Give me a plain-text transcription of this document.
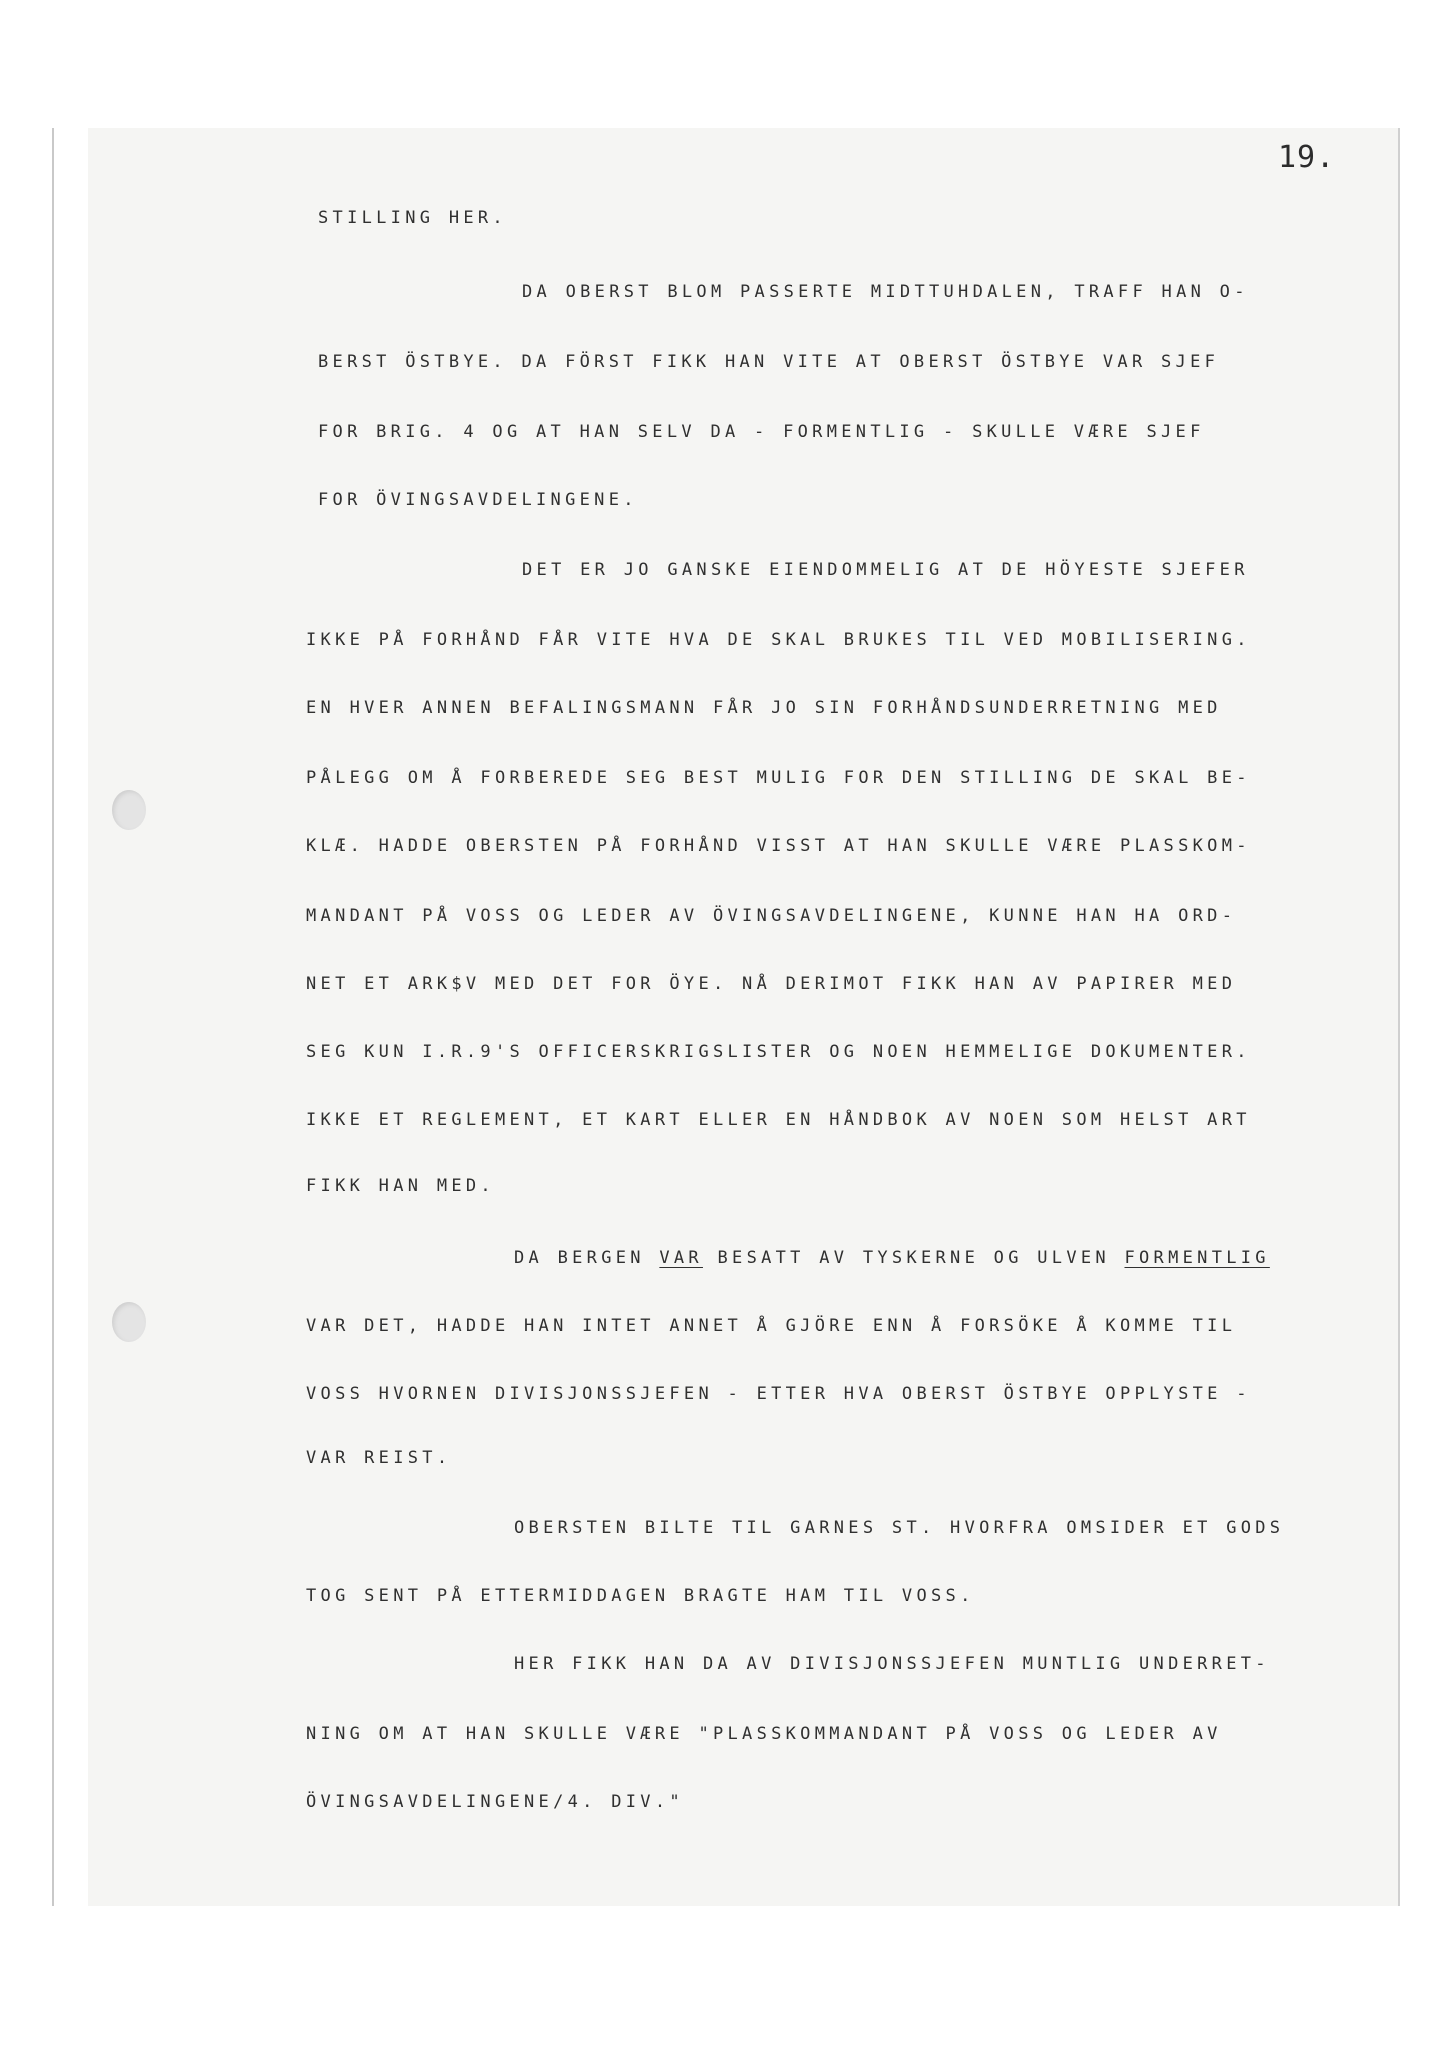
19.
STILLING HER.
DA OBERST BLOM PASSERTE MIDTTUHDALEN, TRAFF HAN O-
BERST ÖSTBYE. DA FÖRST FIKK HAN VITE AT OBERST ÖSTBYE VAR SJEF
FOR BRIG. 4 OG AT HAN SELV DA - FORMENTLIG - SKULLE VÆRE SJEF
FOR ÖVINGSAVDELINGENE.
DET ER JO GANSKE EIENDOMMELIG AT DE HÖYESTE SJEFER
IKKE PÅ FORHÅND FÅR VITE HVA DE SKAL BRUKES TIL VED MOBILISERING.
EN HVER ANNEN BEFALINGSMANN FÅR JO SIN FORHÅNDSUNDERRETNING MED
PÅLEGG OM Å FORBEREDE SEG BEST MULIG FOR DEN STILLING DE SKAL BE-
KLÆ. HADDE OBERSTEN PÅ FORHÅND VISST AT HAN SKULLE VÆRE PLASSKOM-
MANDANT PÅ VOSS OG LEDER AV ÖVINGSAVDELINGENE, KUNNE HAN HA ORD-
NET ET ARK$V MED DET FOR ÖYE. NÅ DERIMOT FIKK HAN AV PAPIRER MED
SEG KUN I.R.9'S OFFICERSKRIGSLISTER OG NOEN HEMMELIGE DOKUMENTER.
IKKE ET REGLEMENT, ET KART ELLER EN HÅNDBOK AV NOEN SOM HELST ART
FIKK HAN MED.
DA BERGEN VAR BESATT AV TYSKERNE OG ULVEN FORMENTLIG
VAR DET, HADDE HAN INTET ANNET Å GJÖRE ENN Å FORSÖKE Å KOMME TIL
VOSS HVORNEN DIVISJONSSJEFEN - ETTER HVA OBERST ÖSTBYE OPPLYSTE -
VAR REIST.
OBERSTEN BILTE TIL GARNES ST. HVORFRA OMSIDER ET GODS
TOG SENT PÅ ETTERMIDDAGEN BRAGTE HAM TIL VOSS.
HER FIKK HAN DA AV DIVISJONSSJEFEN MUNTLIG UNDERRET-
NING OM AT HAN SKULLE VÆRE "PLASSKOMMANDANT PÅ VOSS OG LEDER AV
ÖVINGSAVDELINGENE/4. DIV."
